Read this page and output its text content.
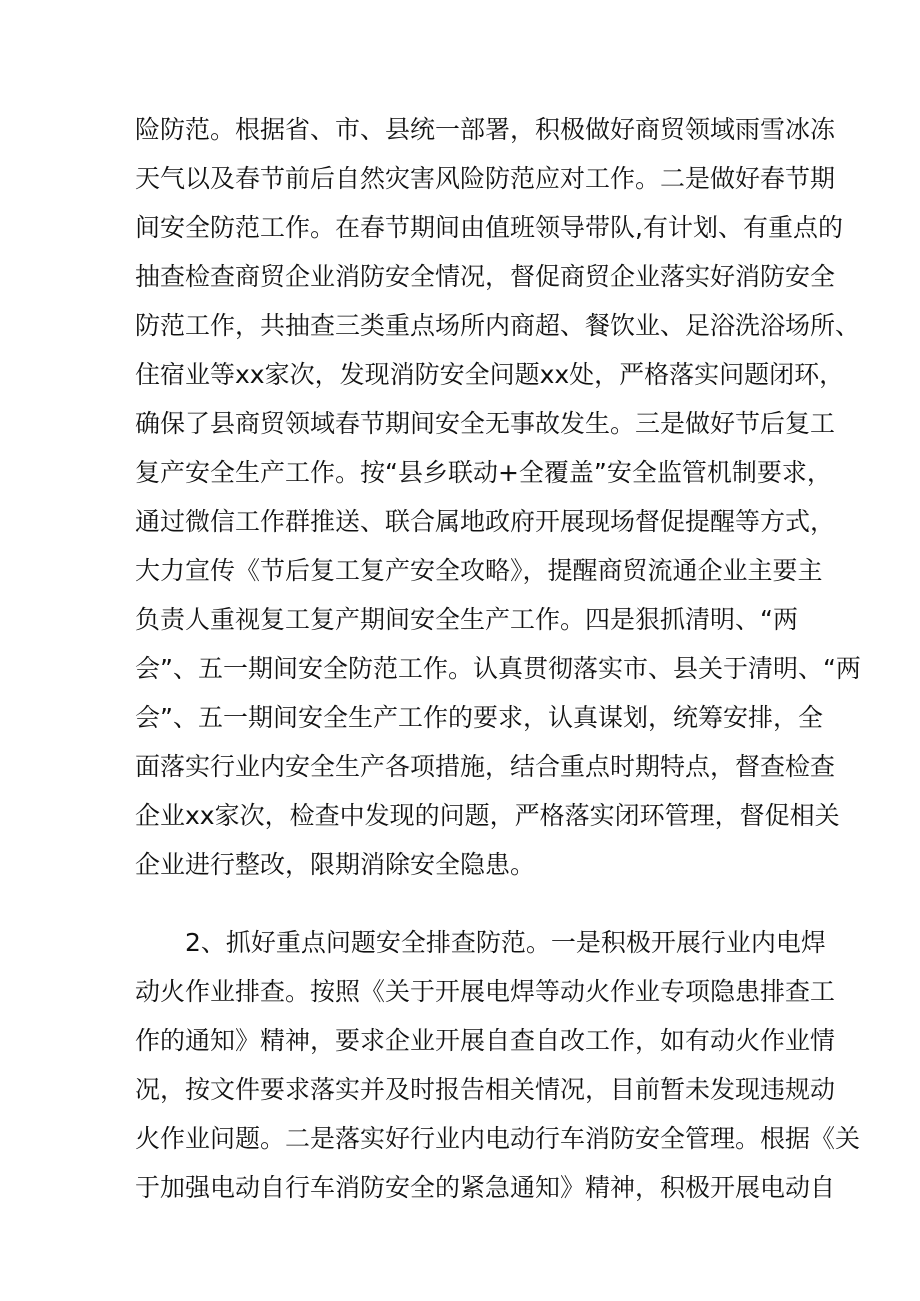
险防范。根据省、市、县统一部署，积极做好商贸领域雨雪冰冻

天气以及春节前后自然灾害风险防范应对工作。二是做好春节期

间安全防范工作。在春节期间由值班领导带队,有计划、有重点的

抽查检查商贸企业消防安全情况，督促商贸企业落实好消防安全

防范工作，共抽查三类重点场所内商超、餐饮业、足浴洗浴场所、

住宿业等xx家次，发现消防安全问题xx处，严格落实问题闭环，

确保了县商贸领域春节期间安全无事故发生。三是做好节后复工

复产安全生产工作。按“县乡联动+全覆盖”安全监管机制要求，

通过微信工作群推送、联合属地政府开展现场督促提醒等方式，

大力宣传《节后复工复产安全攻略》，提醒商贸流通企业主要主

负责人重视复工复产期间安全生产工作。四是狠抓清明、“两

会”、五一期间安全防范工作。认真贯彻落实市、县关于清明、“两

会”、五一期间安全生产工作的要求，认真谋划，统筹安排，全

面落实行业内安全生产各项措施，结合重点时期特点，督查检查

企业xx家次，检查中发现的问题，严格落实闭环管理，督促相关

企业进行整改，限期消除安全隐患。

2、抓好重点问题安全排查防范。一是积极开展行业内电焊

动火作业排查。按照《关于开展电焊等动火作业专项隐患排查工

作的通知》精神，要求企业开展自查自改工作，如有动火作业情

况，按文件要求落实并及时报告相关情况，目前暂未发现违规动

火作业问题。二是落实好行业内电动行车消防安全管理。根据《关

于加强电动自行车消防安全的紧急通知》精神，积极开展电动自
